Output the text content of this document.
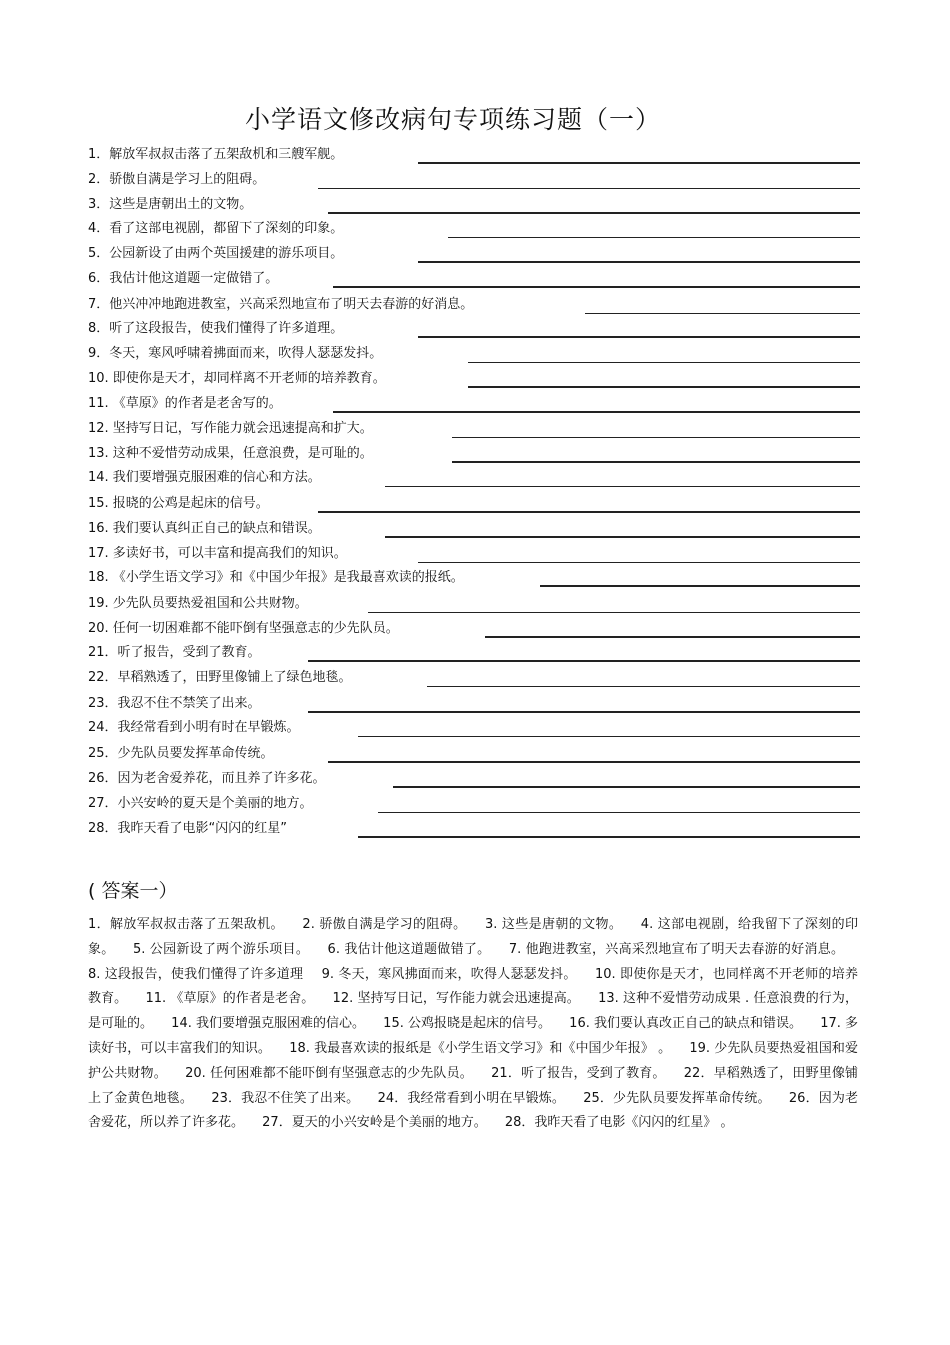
小学语文修改病句专项练习题（一）
1．解放军叔叔击落了五架敌机和三艘军舰。
2．骄傲自满是学习上的阻碍。
3．这些是唐朝出土的文物。
4．看了这部电视剧，都留下了深刻的印象。
5．公园新设了由两个英国援建的游乐项目。
6．我估计他这道题一定做错了。
7．他兴冲冲地跑进教室，兴高采烈地宣布了明天去春游的好消息。
8．听了这段报告，使我们懂得了许多道理。
9．冬天，寒风呼啸着拂面而来，吹得人瑟瑟发抖。
10. 即使你是天才，却同样离不开老师的培养教育。
11. 《草原》的作者是老舍写的。
12. 坚持写日记，写作能力就会迅速提高和扩大。
13. 这种不爱惜劳动成果，任意浪费，是可耻的。
14. 我们要增强克服困难的信心和方法。
15. 报晓的公鸡是起床的信号。
16. 我们要认真纠正自己的缺点和错误。
17. 多读好书，可以丰富和提高我们的知识。
18. 《小学生语文学习》和《中国少年报》是我最喜欢读的报纸。
19. 少先队员要热爱祖国和公共财物。
20. 任何一切困难都不能吓倒有坚强意志的少先队员。
21．听了报告，受到了教育。
22．早稻熟透了，田野里像铺上了绿色地毯。
23．我忍不住不禁笑了出来。
24．我经常看到小明有时在早锻炼。
25．少先队员要发挥革命传统。
26．因为老舍爱养花，而且养了许多花。
27．小兴安岭的夏天是个美丽的地方。
28．我昨天看了电影“闪闪的红星”
( 答案一）
1．解放军叔叔击落了五架敌机。 2. 骄傲自满是学习的阻碍。 3. 这些是唐朝的文物。 4. 这部电视剧，给我留下了深刻的印象。 5. 公园新设了两个游乐项目。 6. 我估计他这道题做错了。 7. 他跑进教室，兴高采烈地宣布了明天去春游的好消息。 8. 这段报告，使我们懂得了许多道理 9. 冬天，寒风拂面而来，吹得人瑟瑟发抖。 10. 即使你是天才，也同样离不开老师的培养教育。 11. 《草原》的作者是老舍。 12. 坚持写日记，写作能力就会迅速提高。 13. 这种不爱惜劳动成果 . 任意浪费的行为，是可耻的。 14. 我们要增强克服困难的信心。 15. 公鸡报晓是起床的信号。 16. 我们要认真改正自己的缺点和错误。 17. 多读好书，可以丰富我们的知识。 18. 我最喜欢读的报纸是《小学生语文学习》和《中国少年报》 。 19. 少先队员要热爱祖国和爱护公共财物。 20. 任何困难都不能吓倒有坚强意志的少先队员。 21．听了报告，受到了教育。 22．早稻熟透了，田野里像铺上了金黄色地毯。 23．我忍不住笑了出来。 24．我经常看到小明在早锻炼。 25．少先队员要发挥革命传统。 26．因为老舍爱花，所以养了许多花。 27．夏天的小兴安岭是个美丽的地方。 28．我昨天看了电影《闪闪的红星》 。
